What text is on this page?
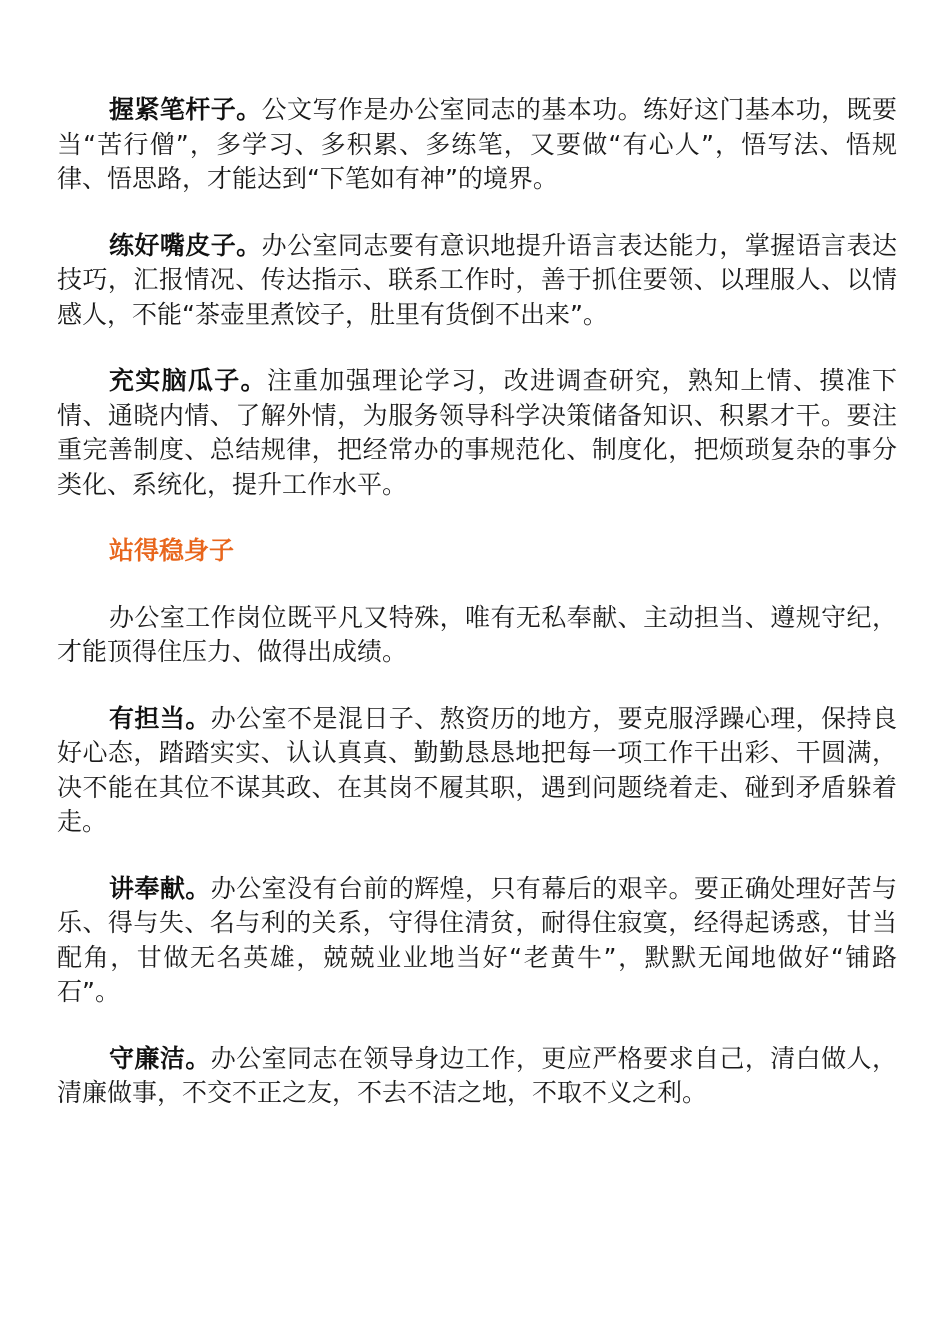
握紧笔杆子。公文写作是办公室同志的基本功。练好这门基本功，既要当“苦行僧”，多学习、多积累、多练笔，又要做“有心人”，悟写法、悟规律、悟思路，才能达到“下笔如有神”的境界。

练好嘴皮子。办公室同志要有意识地提升语言表达能力，掌握语言表达技巧，汇报情况、传达指示、联系工作时，善于抓住要领、以理服人、以情感人，不能“茶壶里煮饺子，肚里有货倒不出来”。

充实脑瓜子。注重加强理论学习，改进调查研究，熟知上情、摸准下情、通晓内情、了解外情，为服务领导科学决策储备知识、积累才干。要注重完善制度、总结规律，把经常办的事规范化、制度化，把烦琐复杂的事分类化、系统化，提升工作水平。

站得稳身子

办公室工作岗位既平凡又特殊，唯有无私奉献、主动担当、遵规守纪，才能顶得住压力、做得出成绩。

有担当。办公室不是混日子、熬资历的地方，要克服浮躁心理，保持良好心态，踏踏实实、认认真真、勤勤恳恳地把每一项工作干出彩、干圆满，决不能在其位不谋其政、在其岗不履其职，遇到问题绕着走、碰到矛盾躲着走。

讲奉献。办公室没有台前的辉煌，只有幕后的艰辛。要正确处理好苦与乐、得与失、名与利的关系，守得住清贫，耐得住寂寞，经得起诱惑，甘当配角，甘做无名英雄，兢兢业业地当好“老黄牛”，默默无闻地做好“铺路石”。

守廉洁。办公室同志在领导身边工作，更应严格要求自己，清白做人，清廉做事，不交不正之友，不去不洁之地，不取不义之利。
